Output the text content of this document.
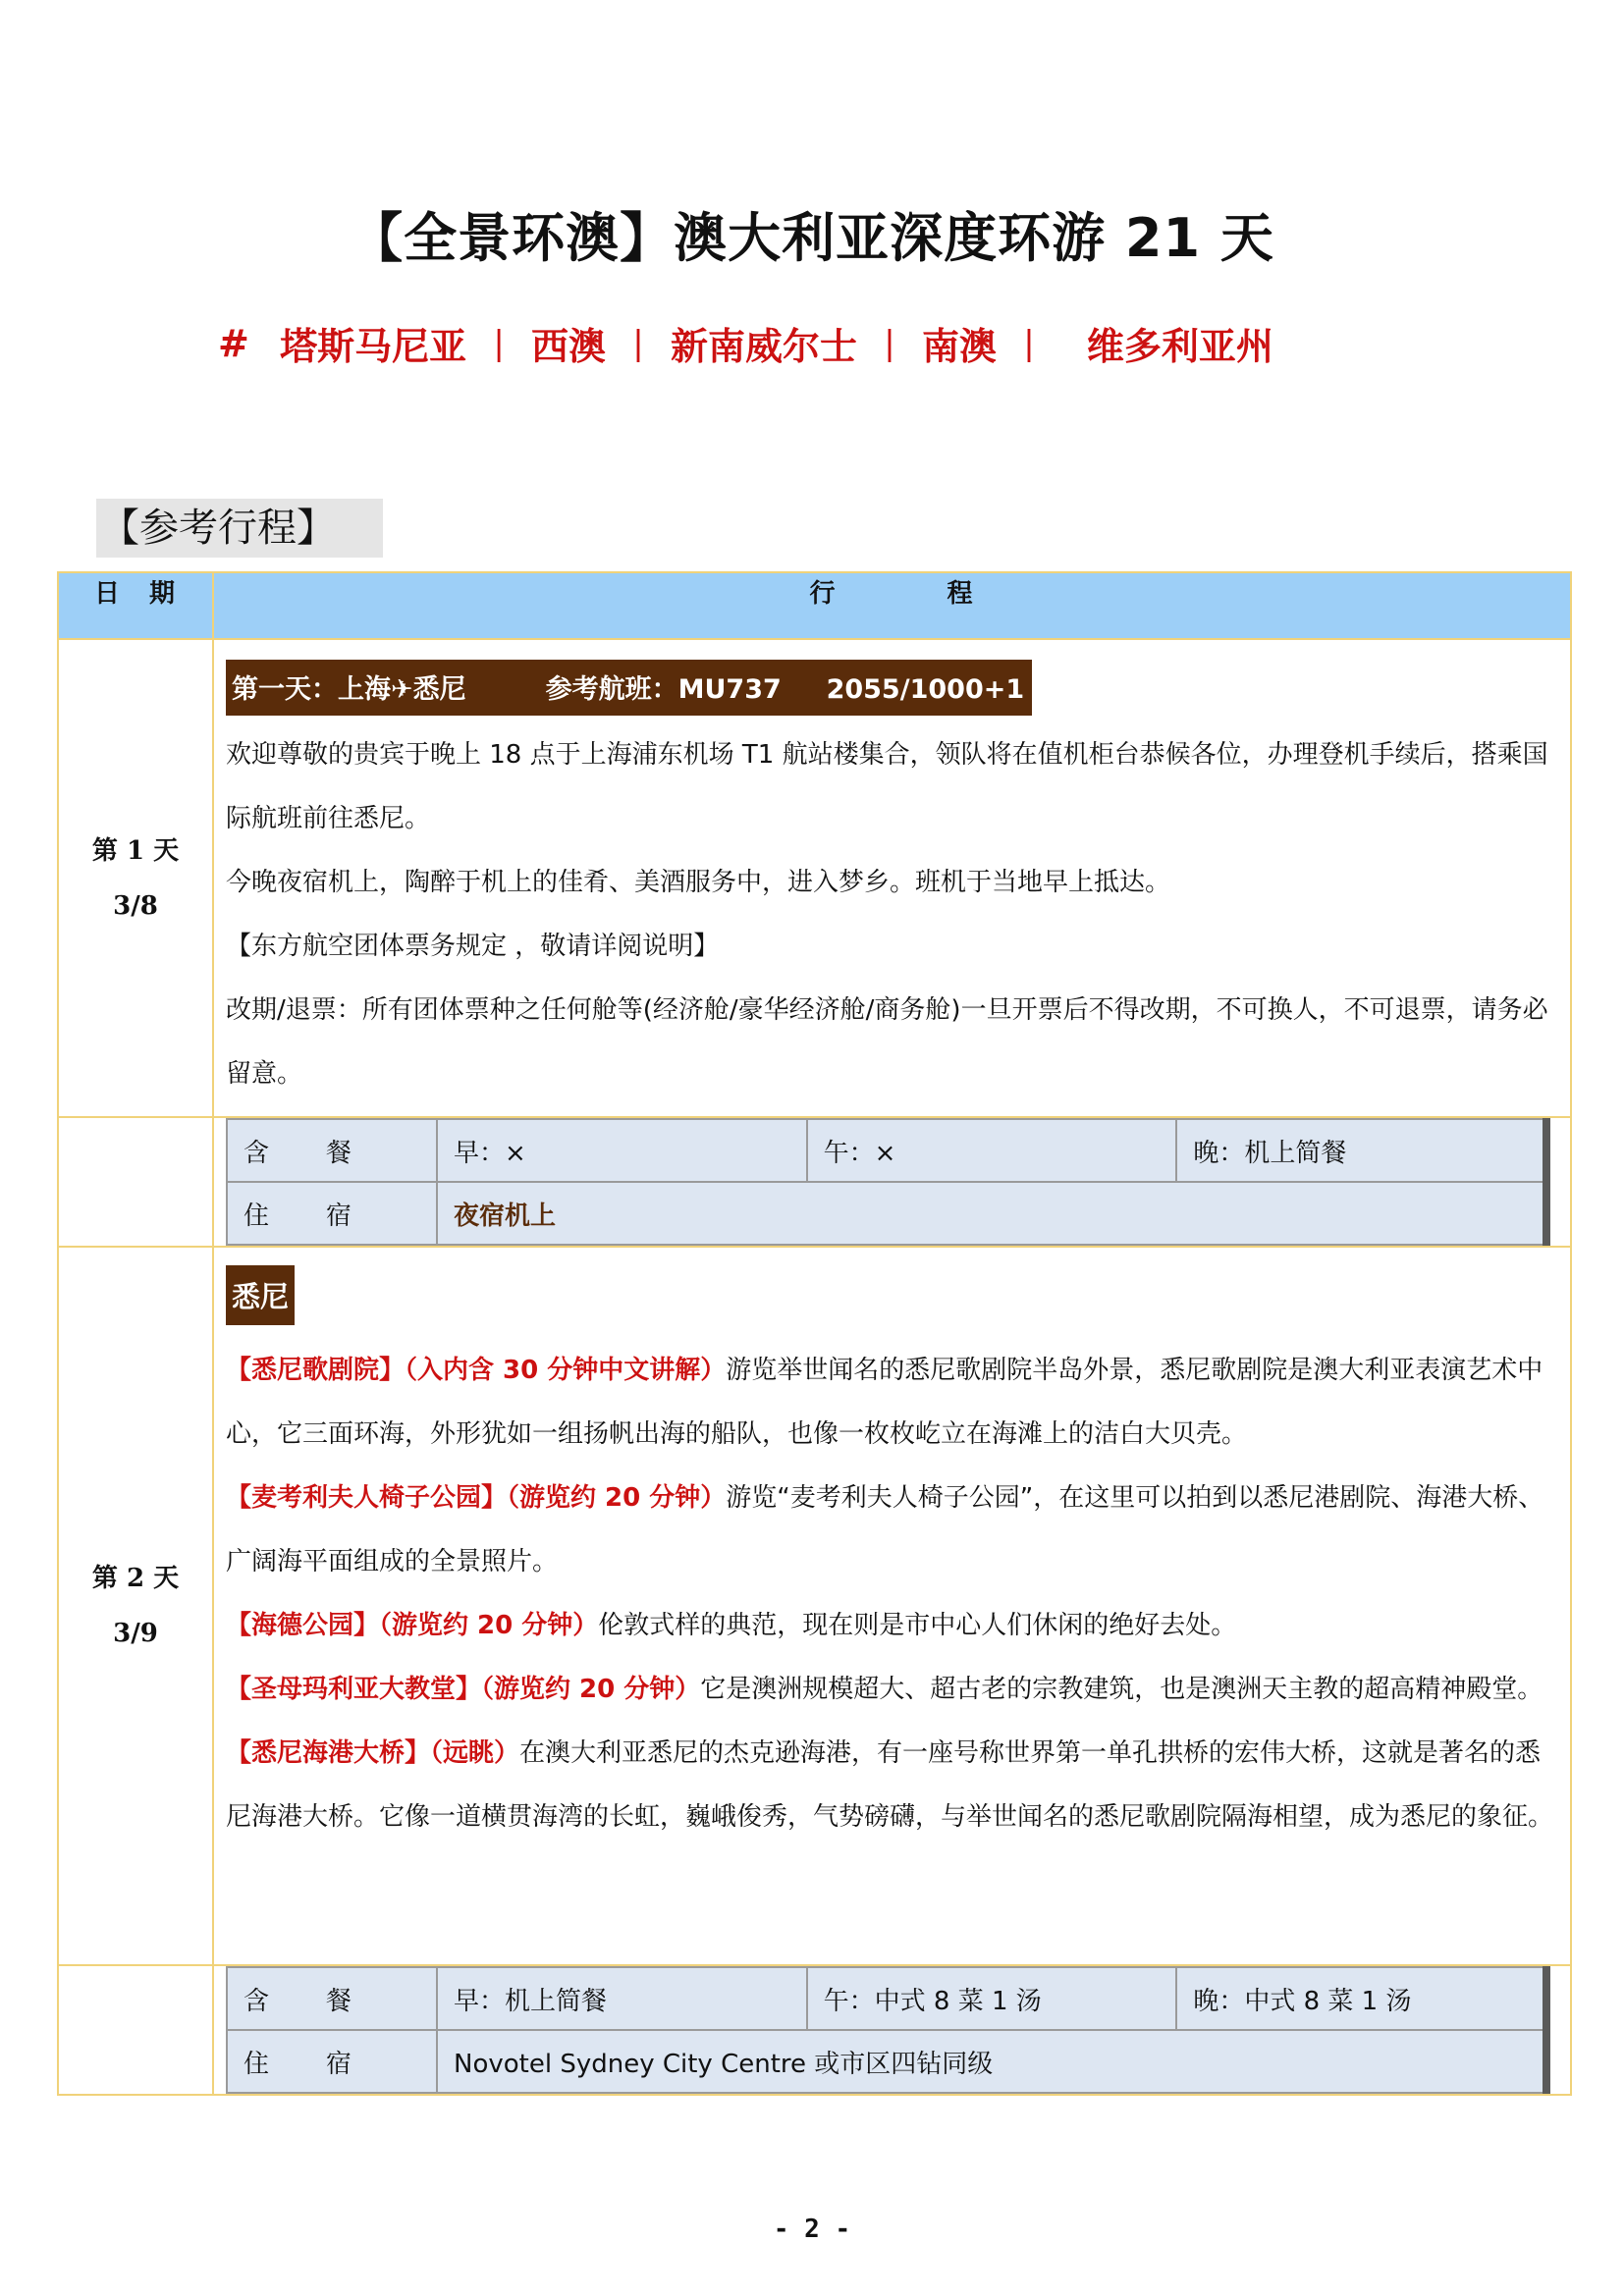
【全景环澳】澳大利亚深度环游 21 天
# 塔斯马尼亚 | 西澳 | 新南威尔士 | 南澳 | 维多利亚州
【参考行程】
日　期	行　　　　程

第 1 天
3/8

第一天：上海✈悉尼　　　参考航班：MU737 　 2055/1000+1

欢迎尊敬的贵宾于晚上 18 点于上海浦东机场 T1 航站楼集合，领队将在值机柜台恭候各位，办理登机手续后，搭乘国际航班前往悉尼。

今晚夜宿机上，陶醉于机上的佳肴、美酒服务中，进入梦乡。班机于当地早上抵达。

【东方航空团体票务规定 ，敬请详阅说明】

改期/退票：所有团体票种之任何舱等(经济舱/豪华经济舱/商务舱)一旦开票后不得改期，不可换人，不可退票，请务必留意。

含　餐	早：×	午：×	晚：机上简餐
住　宿	夜宿机上

第 2 天
3/9

悉尼

【悉尼歌剧院】（入内含 30 分钟中文讲解）游览举世闻名的悉尼歌剧院半岛外景，悉尼歌剧院是澳大利亚表演艺术中心，它三面环海，外形犹如一组扬帆出海的船队，也像一枚枚屹立在海滩上的洁白大贝壳。

【麦考利夫人椅子公园】（游览约 20 分钟）游览“麦考利夫人椅子公园”，在这里可以拍到以悉尼港剧院、海港大桥、广阔海平面组成的全景照片。

【海德公园】（游览约 20 分钟）伦敦式样的典范，现在则是市中心人们休闲的绝好去处。

【圣母玛利亚大教堂】（游览约 20 分钟）它是澳洲规模超大、超古老的宗教建筑，也是澳洲天主教的超高精神殿堂。

【悉尼海港大桥】（远眺）在澳大利亚悉尼的杰克逊海港，有一座号称世界第一单孔拱桥的宏伟大桥，这就是著名的悉尼海港大桥。它像一道横贯海湾的长虹，巍峨俊秀，气势磅礴，与举世闻名的悉尼歌剧院隔海相望，成为悉尼的象征。

含　餐	早：机上简餐	午：中式 8 菜 1 汤	晚：中式 8 菜 1 汤
住　宿	Novotel Sydney City Centre 或市区四钻同级
- 2 -
